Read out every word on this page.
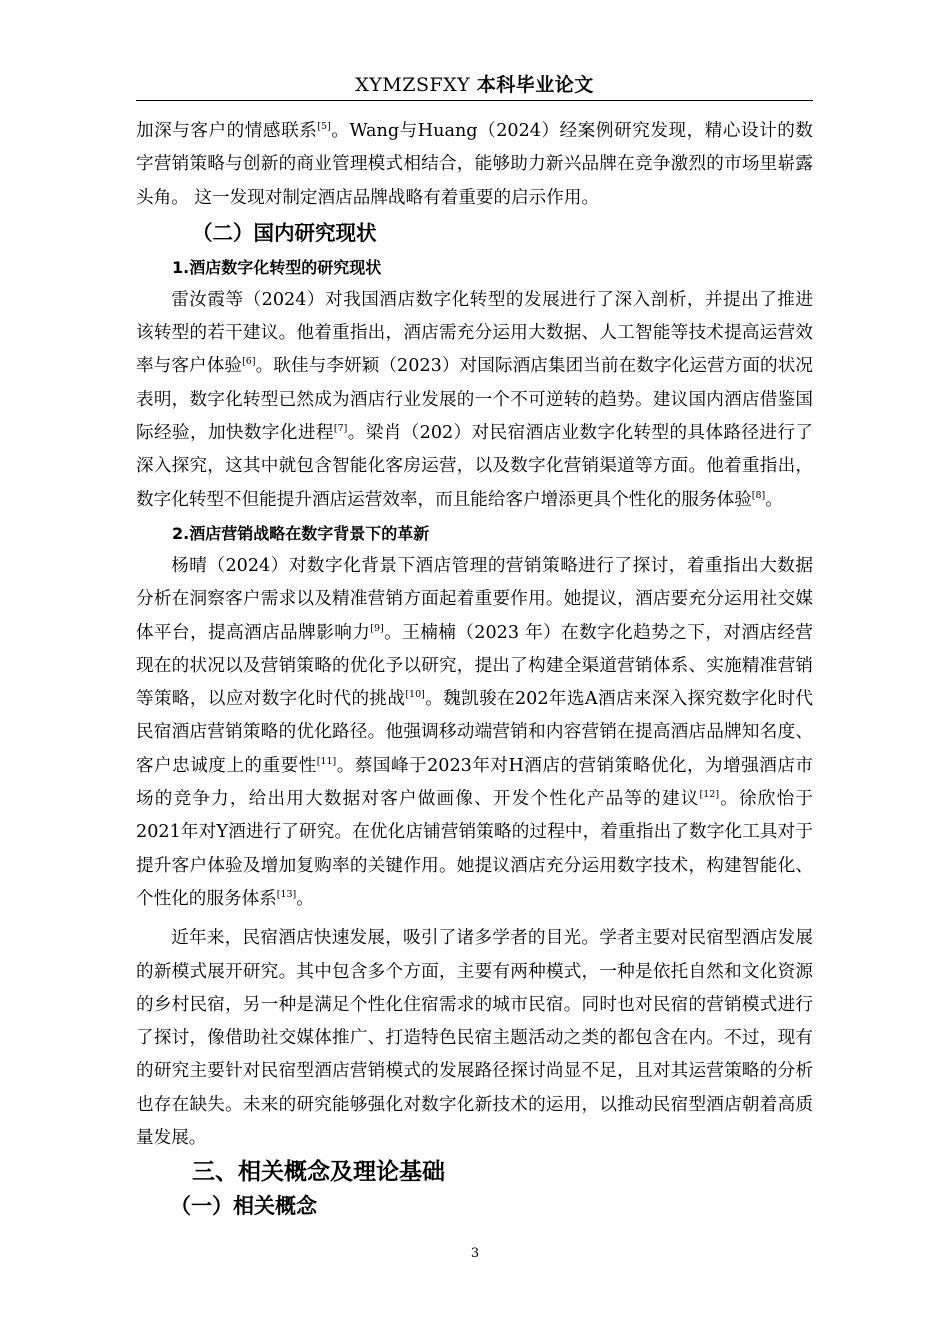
XYMZSFXY 本科毕业论文

加深与客户的情感联系[5]。Wang与Huang（2024）经案例研究发现，精心设计的数字营销策略与创新的商业管理模式相结合，能够助力新兴品牌在竞争激烈的市场里崭露头角。 这一发现对制定酒店品牌战略有着重要的启示作用。

（二）国内研究现状
1.酒店数字化转型的研究现状

雷汝霞等（2024）对我国酒店数字化转型的发展进行了深入剖析，并提出了推进该转型的若干建议。他着重指出，酒店需充分运用大数据、人工智能等技术提高运营效率与客户体验[6]。耿佳与李妍颖（2023）对国际酒店集团当前在数字化运营方面的状况表明，数字化转型已然成为酒店行业发展的一个不可逆转的趋势。建议国内酒店借鉴国际经验，加快数字化进程[7]。梁肖（202）对民宿酒店业数字化转型的具体路径进行了深入探究，这其中就包含智能化客房运营，以及数字化营销渠道等方面。他着重指出，数字化转型不但能提升酒店运营效率，而且能给客户增添更具个性化的服务体验[8]。

2.酒店营销战略在数字背景下的革新

杨晴（2024）对数字化背景下酒店管理的营销策略进行了探讨，着重指出大数据分析在洞察客户需求以及精准营销方面起着重要作用。她提议，酒店要充分运用社交媒体平台，提高酒店品牌影响力[9]。王楠楠（2023 年）在数字化趋势之下，对酒店经营现在的状况以及营销策略的优化予以研究，提出了构建全渠道营销体系、实施精准营销等策略，以应对数字化时代的挑战[10]。魏凯骏在202年选A酒店来深入探究数字化时代民宿酒店营销策略的优化路径。他强调移动端营销和内容营销在提高酒店品牌知名度、客户忠诚度上的重要性[11]。蔡国峰于2023年对H酒店的营销策略优化，为增强酒店市场的竞争力，给出用大数据对客户做画像、开发个性化产品等的建议[12]。徐欣怡于2021年对Y酒进行了研究。在优化店铺营销策略的过程中，着重指出了数字化工具对于提升客户体验及增加复购率的关键作用。她提议酒店充分运用数字技术，构建智能化、个性化的服务体系[13]。

近年来，民宿酒店快速发展，吸引了诸多学者的目光。学者主要对民宿型酒店发展的新模式展开研究。其中包含多个方面，主要有两种模式，一种是依托自然和文化资源的乡村民宿，另一种是满足个性化住宿需求的城市民宿。同时也对民宿的营销模式进行了探讨，像借助社交媒体推广、打造特色民宿主题活动之类的都包含在内。不过，现有的研究主要针对民宿型酒店营销模式的发展路径探讨尚显不足，且对其运营策略的分析也存在缺失。未来的研究能够强化对数字化新技术的运用，以推动民宿型酒店朝着高质量发展。

三、相关概念及理论基础
（一）相关概念
3
